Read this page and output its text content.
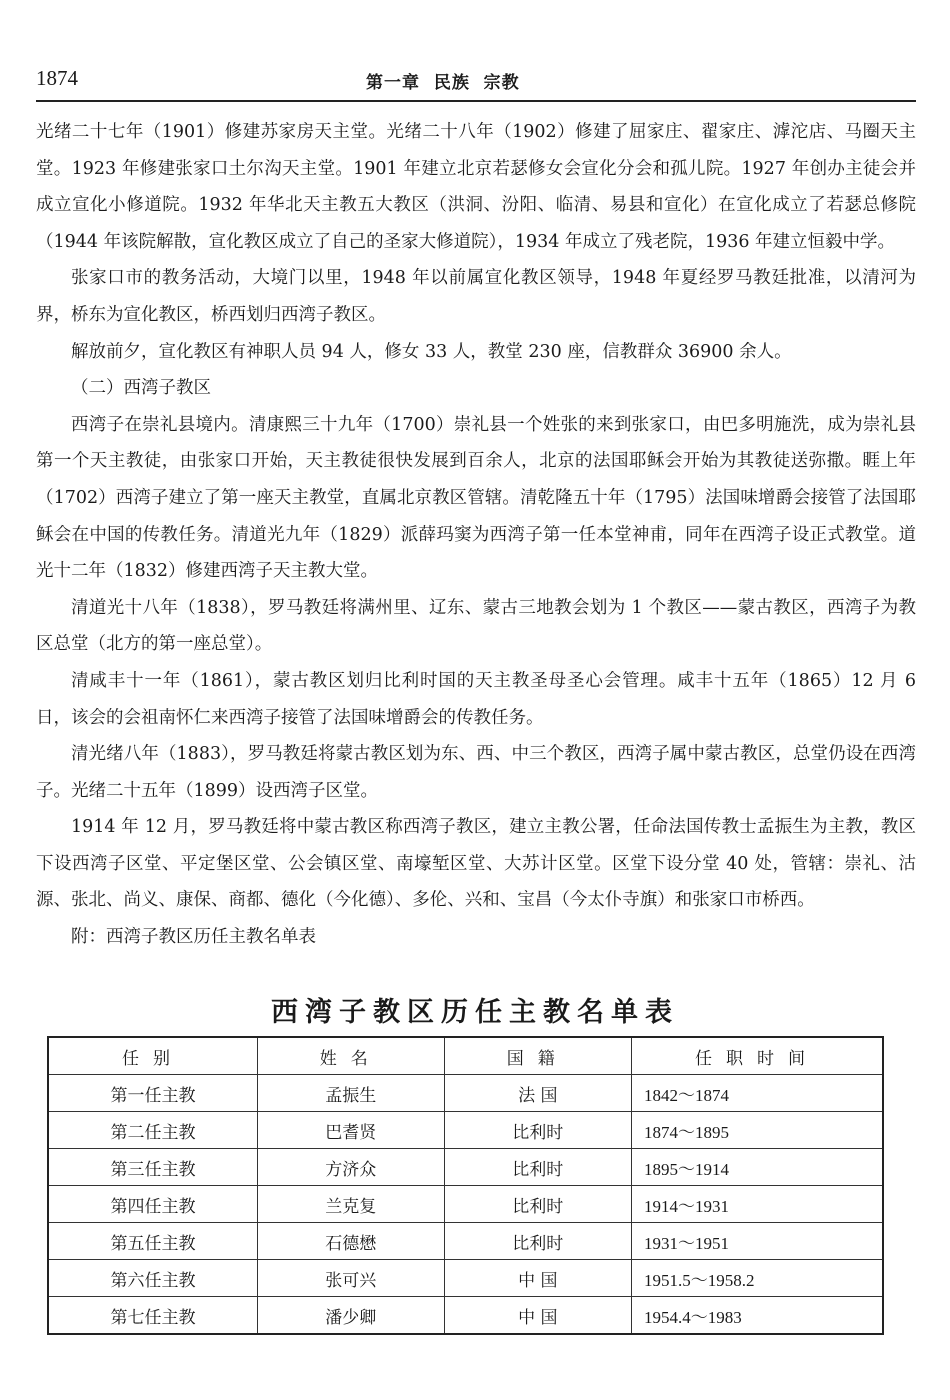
1874	第一章  民族  宗教

光绪二十七年（1901）修建苏家房天主堂。光绪二十八年（1902）修建了屈家庄、翟家庄、滹沱店、马圈天主堂。1923 年修建张家口土尔沟天主堂。1901 年建立北京若瑟修女会宣化分会和孤儿院。1927 年创办主徒会并成立宣化小修道院。1932 年华北天主教五大教区（洪洞、汾阳、临清、易县和宣化）在宣化成立了若瑟总修院（1944 年该院解散，宣化教区成立了自己的圣家大修道院），1934 年成立了残老院，1936 年建立恒毅中学。

张家口市的教务活动，大境门以里，1948 年以前属宣化教区领导，1948 年夏经罗马教廷批准，以清河为界，桥东为宣化教区，桥西划归西湾子教区。

解放前夕，宣化教区有神职人员 94 人，修女 33 人，教堂 230 座，信教群众 36900 余人。

（二）西湾子教区

西湾子在崇礼县境内。清康熙三十九年（1700）崇礼县一个姓张的来到张家口，由巴多明施洗，成为崇礼县第一个天主教徒，由张家口开始，天主教徒很快发展到百余人，北京的法国耶稣会开始为其教徒送弥撒。睚上年（1702）西湾子建立了第一座天主教堂，直属北京教区管辖。清乾隆五十年（1795）法国味增爵会接管了法国耶稣会在中国的传教任务。清道光九年（1829）派薛玛窦为西湾子第一任本堂神甫，同年在西湾子设正式教堂。道光十二年（1832）修建西湾子天主教大堂。

清道光十八年（1838），罗马教廷将满州里、辽东、蒙古三地教会划为 1 个教区——蒙古教区，西湾子为教区总堂（北方的第一座总堂）。

清咸丰十一年（1861），蒙古教区划归比利时国的天主教圣母圣心会管理。咸丰十五年（1865）12 月 6 日，该会的会祖南怀仁来西湾子接管了法国味增爵会的传教任务。

清光绪八年（1883），罗马教廷将蒙古教区划为东、西、中三个教区，西湾子属中蒙古教区，总堂仍设在西湾子。光绪二十五年（1899）设西湾子区堂。

1914 年 12 月，罗马教廷将中蒙古教区称西湾子教区，建立主教公署，任命法国传教士孟振生为主教，教区下设西湾子区堂、平定堡区堂、公会镇区堂、南壕堑区堂、大苏计区堂。区堂下设分堂 40 处，管辖：崇礼、沽源、张北、尚义、康保、商都、德化（今化德）、多伦、兴和、宝昌（今太仆寺旗）和张家口市桥西。

附：西湾子教区历任主教名单表

西湾子教区历任主教名单表
任别	姓名	国籍	任职时间
第一任主教	孟振生	法 国	1842～1874
第二任主教	巴耆贤	比利时	1874～1895
第三任主教	方济众	比利时	1895～1914
第四任主教	兰克复	比利时	1914～1931
第五任主教	石德懋	比利时	1931～1951
第六任主教	张可兴	中 国	1951.5～1958.2
第七任主教	潘少卿	中 国	1954.4～1983
